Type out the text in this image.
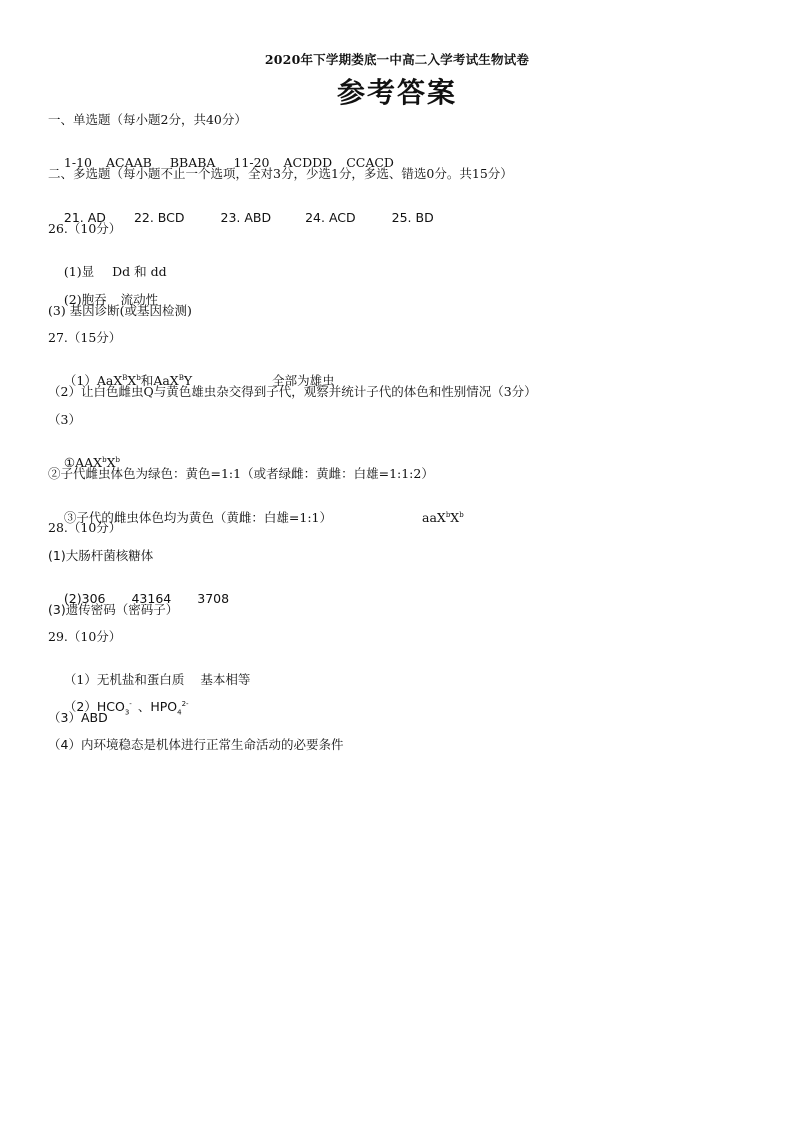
2020年下学期娄底一中高二入学考试生物试卷
参考答案
一、单选题（每小题2分，共40分）

1-10 ACAAB BBABA 11-20 ACDDD CCACD

二、多选题（每小题不止一个选项，全对3分，少选1分，多选、错选0分。共15分）

21. AD 22. BCD	23. ABD	24. ACD	25. BD

26.（10分）

(1)显 Dd 和 dd

(2)胞吞 流动性

(3) 基因诊断(或基因检测)
27.（15分）

$(1)AaX^BX^b$和AaX$^B$Y	全部为雄虫

（2）让白色雌虫Q与黄色雄虫杂交得到子代，观察并统计子代的体色和性别情况（3分）
（3）

$①AAX^bX^b$

②子代雌虫体色为绿色：黄色=1:1（或者绿雌：黄雌：白雄=1:1:2）

③子代的雌虫体色均为黄色（黄雌：白雄=1:1）	$aaX^bX^b$

28.（10分）
(1)大肠杆菌核糖体

(2)306 43164 3708

(3)遗传密码（密码子）
29.（10分）

（1）无机盐和蛋白质 基本相等

$(2)HCO_3^-$ 、$HPO_4^{2-}$

（3）ABD
（4）内环境稳态是机体进行正常生命活动的必要条件
